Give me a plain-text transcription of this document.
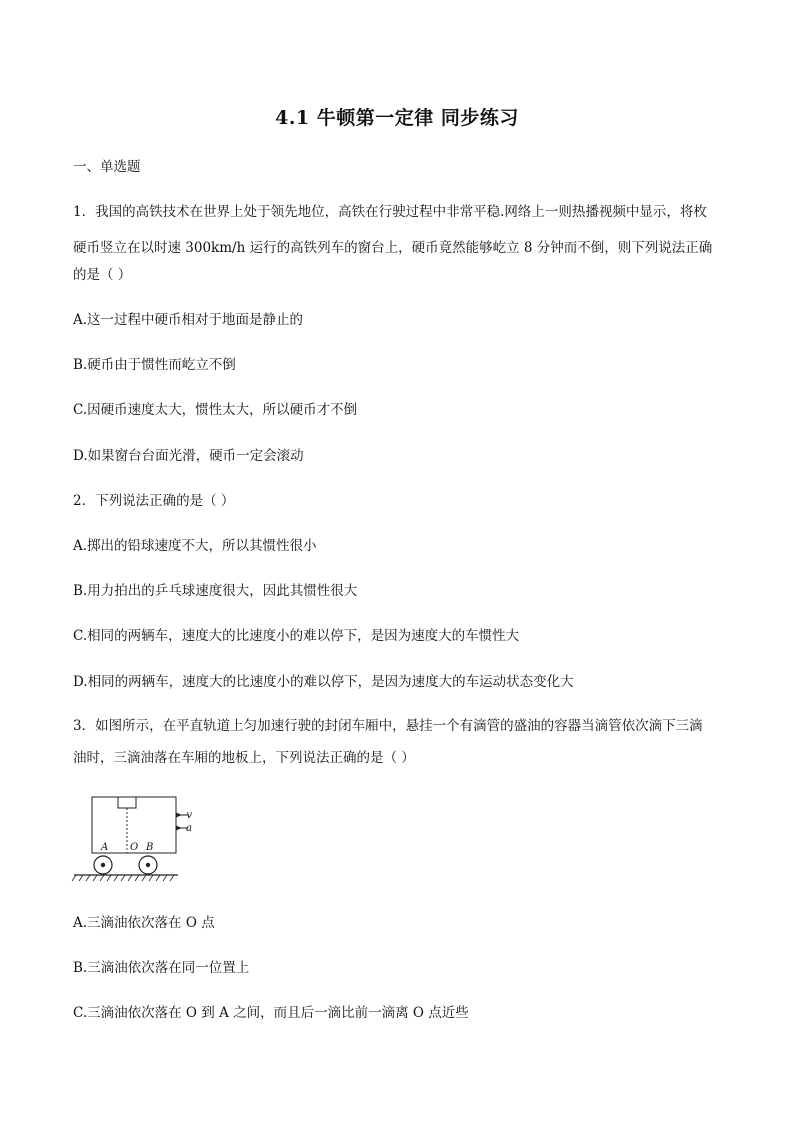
4.1 牛顿第一定律 同步练习
一、单选题
1．我国的高铁技术在世界上处于领先地位，高铁在行驶过程中非常平稳.网络上一则热播视频中显示，将枚
硬币竖立在以时速 300km/h 运行的高铁列车的窗台上，硬币竟然能够屹立 8 分钟而不倒，则下列说法正确
的是（ ）
A.这一过程中硬币相对于地面是静止的
B.硬币由于惯性而屹立不倒
C.因硬币速度太大，惯性太大，所以硬币才不倒
D.如果窗台台面光滑，硬币一定会滚动
2．下列说法正确的是（ ）
A.掷出的铅球速度不大，所以其惯性很小
B.用力拍出的乒乓球速度很大，因此其惯性很大
C.相同的两辆车，速度大的比速度小的难以停下，是因为速度大的车惯性大
D.相同的两辆车，速度大的比速度小的难以停下，是因为速度大的车运动状态变化大
3．如图所示，在平直轨道上匀加速行驶的封闭车厢中，悬挂一个有滴管的盛油的容器当滴管依次滴下三滴
油时，三滴油落在车厢的地板上，下列说法正确的是（ ）
v
a
A O B
A.三滴油依次落在 O 点
B.三滴油依次落在同一位置上
C.三滴油依次落在 O 到 A 之间，而且后一滴比前一滴离 O 点近些
